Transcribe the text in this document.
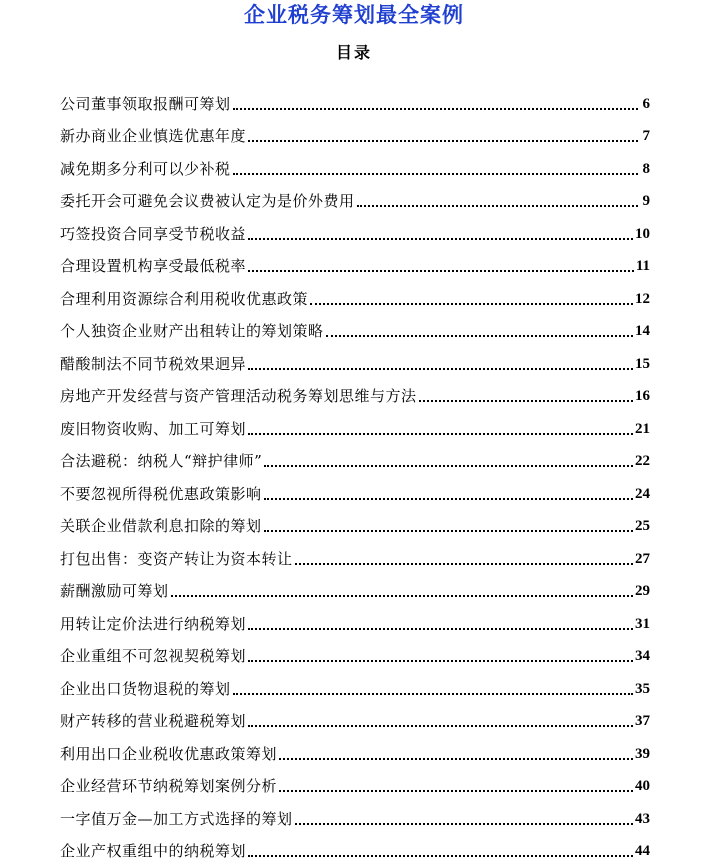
企业税务筹划最全案例
目录
公司董事领取报酬可筹划	6
新办商业企业慎选优惠年度	7
减免期多分利可以少补税	8
委托开会可避免会议费被认定为是价外费用	9
巧签投资合同享受节税收益	10
合理设置机构享受最低税率	11
合理利用资源综合利用税收优惠政策	12
个人独资企业财产出租转让的筹划策略	14
醋酸制法不同节税效果迥异	15
房地产开发经营与资产管理活动税务筹划思维与方法	16
废旧物资收购、加工可筹划	21
合法避税：纳税人“辩护律师”	22
不要忽视所得税优惠政策影响	24
关联企业借款利息扣除的筹划	25
打包出售：变资产转让为资本转让	27
薪酬激励可筹划	29
用转让定价法进行纳税筹划	31
企业重组不可忽视契税筹划	34
企业出口货物退税的筹划	35
财产转移的营业税避税筹划	37
利用出口企业税收优惠政策筹划	39
企业经营环节纳税筹划案例分析	40
一字值万金—加工方式选择的筹划	43
企业产权重组中的纳税筹划	44
